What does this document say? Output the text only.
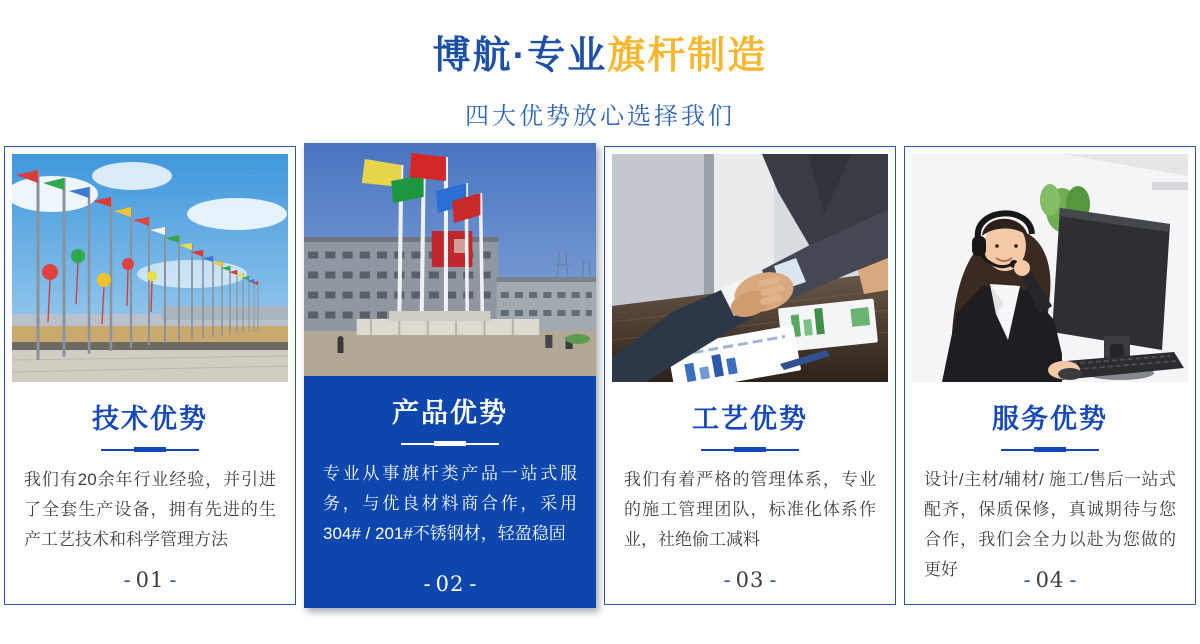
博航·专业旗杆制造
四大优势放心选择我们
技术优势

我们有20余年行业经验，并引进了全套生产设备，拥有先进的生产工艺技术和科学管理方法

- 01 -
产品优势

专业从事旗杆类产品一站式服务，与优良材料商合作，采用304# / 201#不锈钢材，轻盈稳固

- 02 -
工艺优势

我们有着严格的管理体系，专业的施工管理团队，标准化体系作业，社绝偷工减料

- 03 -
服务优势

设计/主材/辅材/ 施工/售后一站式配齐，保质保修，真诚期待与您合作，我们会全力以赴为您做的更好	- 04 -
